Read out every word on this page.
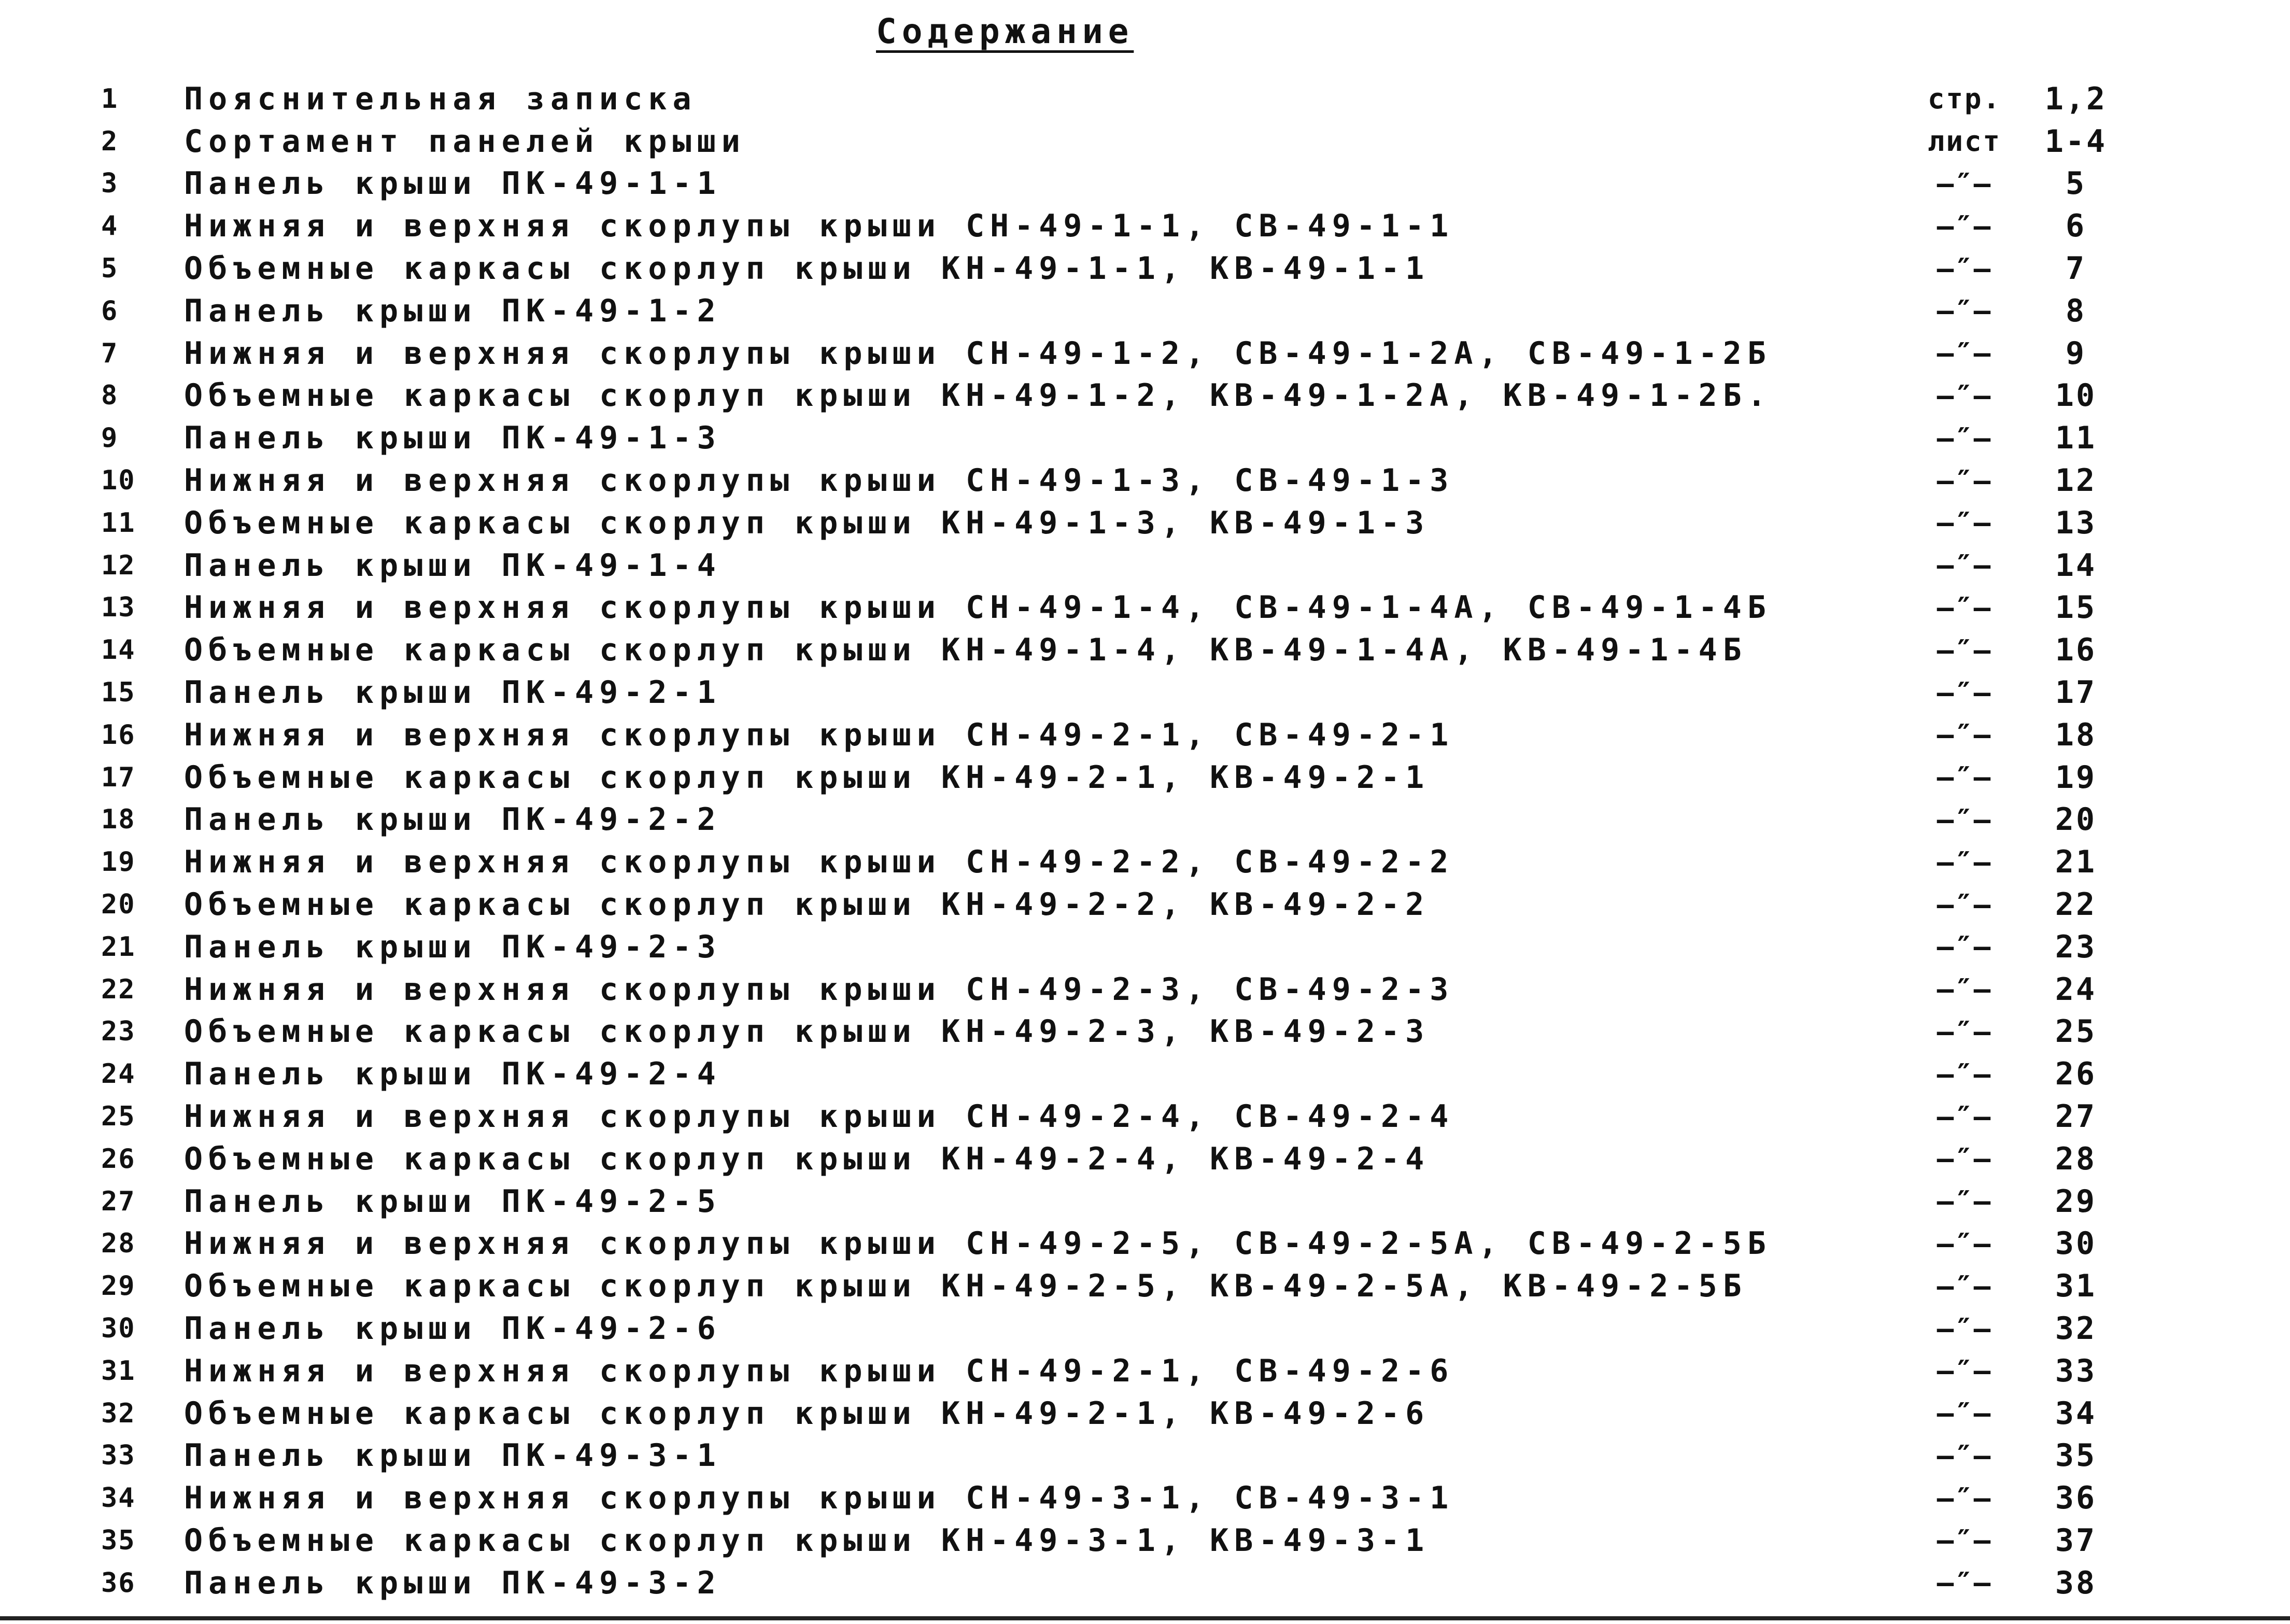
Содержание
1	Пояснительная записка	стр.	1,2
2	Сортамент панелей крыши	лист	1-4
3	Панель крыши ПК-49-1-1	—″—	5
4	Нижняя и верхняя скорлупы крыши СН-49-1-1, СВ-49-1-1	—″—	6
5	Объемные каркасы скорлуп крыши КН-49-1-1, КВ-49-1-1	—″—	7
6	Панель крыши ПК-49-1-2	—″—	8
7	Нижняя и верхняя скорлупы крыши СН-49-1-2, СВ-49-1-2А, СВ-49-1-2Б	—″—	9
8	Объемные каркасы скорлуп крыши КН-49-1-2, КВ-49-1-2А, КВ-49-1-2Б.	—″—	10
9	Панель крыши ПК-49-1-3	—″—	11
10	Нижняя и верхняя скорлупы крыши СН-49-1-3, СВ-49-1-3	—″—	12
11	Объемные каркасы скорлуп крыши КН-49-1-3, КВ-49-1-3	—″—	13
12	Панель крыши ПК-49-1-4	—″—	14
13	Нижняя и верхняя скорлупы крыши СН-49-1-4, СВ-49-1-4А, СВ-49-1-4Б	—″—	15
14	Объемные каркасы скорлуп крыши КН-49-1-4, КВ-49-1-4А, КВ-49-1-4Б	—″—	16
15	Панель крыши ПК-49-2-1	—″—	17
16	Нижняя и верхняя скорлупы крыши СН-49-2-1, СВ-49-2-1	—″—	18
17	Объемные каркасы скорлуп крыши КН-49-2-1, КВ-49-2-1	—″—	19
18	Панель крыши ПК-49-2-2	—″—	20
19	Нижняя и верхняя скорлупы крыши СН-49-2-2, СВ-49-2-2	—″—	21
20	Объемные каркасы скорлуп крыши КН-49-2-2, КВ-49-2-2	—″—	22
21	Панель крыши ПК-49-2-3	—″—	23
22	Нижняя и верхняя скорлупы крыши СН-49-2-3, СВ-49-2-3	—″—	24
23	Объемные каркасы скорлуп крыши КН-49-2-3, КВ-49-2-3	—″—	25
24	Панель крыши ПК-49-2-4	—″—	26
25	Нижняя и верхняя скорлупы крыши СН-49-2-4, СВ-49-2-4	—″—	27
26	Объемные каркасы скорлуп крыши КН-49-2-4, КВ-49-2-4	—″—	28
27	Панель крыши ПК-49-2-5	—″—	29
28	Нижняя и верхняя скорлупы крыши СН-49-2-5, СВ-49-2-5А, СВ-49-2-5Б	—″—	30
29	Объемные каркасы скорлуп крыши КН-49-2-5, КВ-49-2-5А, КВ-49-2-5Б	—″—	31
30	Панель крыши ПК-49-2-6	—″—	32
31	Нижняя и верхняя скорлупы крыши СН-49-2-1, СВ-49-2-6	—″—	33
32	Объемные каркасы скорлуп крыши КН-49-2-1, КВ-49-2-6	—″—	34
33	Панель крыши ПК-49-3-1	—″—	35
34	Нижняя и верхняя скорлупы крыши СН-49-3-1, СВ-49-3-1	—″—	36
35	Объемные каркасы скорлуп крыши КН-49-3-1, КВ-49-3-1	—″—	37
36	Панель крыши ПК-49-3-2	—″—	38
